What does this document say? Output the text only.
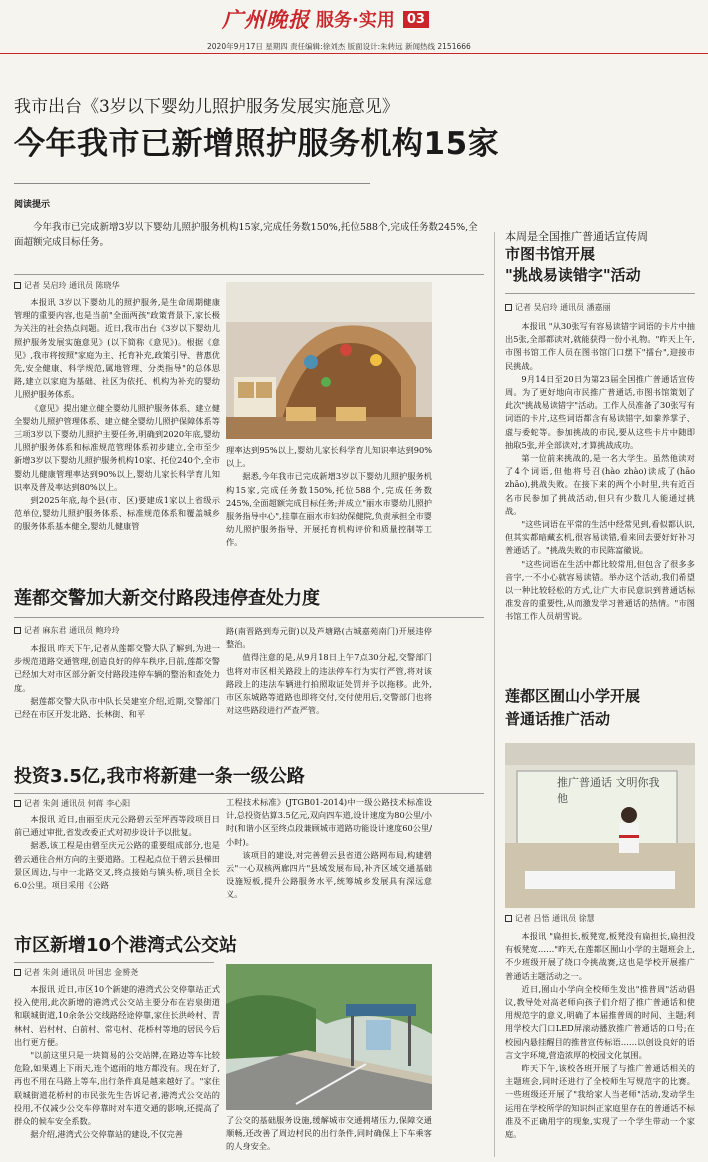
广州晚报 服务·实用 03
2020年9月17日 星期四 责任编辑:徐刘杰 版面设计:朱转远 新闻热线 2151666
我市出台《3岁以下婴幼儿照护服务发展实施意见》
今年我市已新增照护服务机构15家
阅读提示
今年我市已完成新增3岁以下婴幼儿照护服务机构15家,完成任务数150%,托位588个,完成任务数245%,全面超额完成目标任务。
记者 吴启玲 通讯员 陈晓华

本报讯 3岁以下婴幼儿的照护服务,是生命周期健康管理的重要内容,也是当前"全面两孩"政策背景下,家长极为关注的社会热点问题。近日,我市出台《3岁以下婴幼儿照护服务发展实施意见》(以下简称《意见》)。根据《意见》,我市将按照"家庭为主、托育补充,政策引导、普惠优先,安全健康、科学规范,属地管理、分类指导"的总体思路,建立以家庭为基础、社区为依托、机构为补充的婴幼儿照护服务体系。

《意见》提出建立健全婴幼儿照护服务体系、建立健全婴幼儿照护管理体系、建立健全婴幼儿照护保障体系等三项3岁以下婴幼儿照护主要任务,明确到2020年底,婴幼儿照护服务体系和标准规范管理体系初步建立,全市至少新增3岁以下婴幼儿照护服务机构10家、托位240个,全市婴幼儿健康管理率达到90%以上,婴幼儿家长科学育儿知识率及普及率达到80%以上。

到2025年底,每个县(市、区)要建成1家以上省级示范单位,婴幼儿照护服务体系、标准规范体系和覆盖城乡的服务体系基本健全,婴幼儿健康管

理率达到95%以上,婴幼儿家长科学育儿知识率达到90%以上。

据悉,今年我市已完成新增3岁以下婴幼儿照护服务机构15家,完成任务数150%,托位588个,完成任务数245%,全面超额完成目标任务;并成立"丽水市婴幼儿照护服务指导中心",挂靠在丽水市妇幼保健院,负责承担全市婴幼儿照护服务指导、开展托育机构评价和质量控制等工作。

莲都交警加大新交付路段违停查处力度
记者 麻东君 通讯员 鲍玲玲

本报讯 昨天下午,记者从莲都交警大队了解到,为进一步规范道路交通管理,创造良好的停车秩序,目前,莲都交警已经加大对市区部分新交付路段违停车辆的整治和查处力度。

据莲都交警大队市中队长吴建室介绍,近期,交警部门已经在市区开发北路、长林街、和平

路(南晋路到寿元街)以及芦塘路(古城嘉苑南门)开展违停整治。

值得注意的是,从9月18日上午7点30分起,交警部门也将对市区相关路段上的违法停车行为实行严管,将对该路段上的违法车辆进行拍照取证处罚并予以拖移。此外,市区东城路等道路也即将交付,交付使用后,交警部门也将对这些路段进行严查严管。

投资3.5亿,我市将新建一条一级公路
记者 朱剑 通讯员 何蒋 李心阳

本报讯 近日,由丽至庆元公路碧云至坪西等段项目日前已通过审批,省发改委正式对初步设计予以批复。

据悉,该工程是由碧至庆元公路的重要组成部分,也是碧云通往合州方向的主要道路。工程起点位于碧云县梯田景区周边,与中一北路交叉,终点接始与镇头桥,项目全长6.0公里。项目采用《公路

工程技术标准》(JTGB01-2014)中一级公路技术标准设计,总投资估算3.5亿元,双向四车道,设计速度为80公里/小时(和谐小区至终点段兼顾城市道路功能设计速度60公里/小时)。

该项目的建设,对完善碧云县省道公路网布局,构建碧云"一心双核两廊四片"县域发展布局,补齐区域交通基础设施短板,提升公路服务水平,统筹城乡发展具有深远意义。

市区新增10个港湾式公交站
记者 朱剑 通讯员 叶国忠 金赟尧

本报讯 近日,市区10个新建的港湾式公交停靠站正式投入使用,此次新增的港湾式公交站主要分布在岩泉街道和联城街道,10余条公交线路经途停靠,家住长洪岭村、青林村、岩村村、白前村、常屯村、花桥村等地的居民今后出行更方便。

"以前这里只是一块简易的公交站牌,在路边等车比较危险,如果遇上下雨天,连个遮雨的地方都没有。现在好了,再也不用在马路上等车,出行条件真是越来越好了。"家住联城街道花桥村的市民张先生告诉记者,港湾式公交站的投用,不仅减少公交车停靠时对车道交通的影响,还提高了群众的候车安全系数。

据介绍,港湾式公交停靠站的建设,不仅完善

了公交的基础服务设施,缓解城市交通拥堵压力,保障交通顺畅,还改善了周边村民的出行条件,同时确保上下车乘客的人身安全。

本周是全国推广普通话宣传周
市图书馆开展
"挑战易读错字"活动
记者 吴启玲 通讯员 潘嘉丽

本报讯 "从30张写有容易读错字词语的卡片中抽出5张,全部都读对,就能获得一份小礼物。"昨天上午,市图书馆工作人员在图书馆门口摆下"擂台",迎接市民挑战。

9月14日至20日为第23届全国推广普通话宣传周。为了更好地向市民推广普通话,市图书馆策划了此次"挑战易读错字"活动。工作人员准备了30张写有词语的卡片,这些词语都含有易读错字,如豢养掌子、虚与委蛇等。参加挑战的市民,要从这些卡片中随即抽取5张,并全部读对,才算挑战成功。

第一位前来挑战的,是一名大学生。虽然他读对了4个词语,但他将号召(hào zhào)读成了(hāo zhāo),挑战失败。在接下来的两个小时里,共有近百名市民参加了挑战活动,但只有少数几人能通过挑战。

"这些词语在平常的生活中经常见到,看似都认识,但其实都暗藏玄机,很容易读错,看来回去要好好补习普通话了。"挑战失败的市民陈富徽说。

"这些词语在生活中都比较常用,但包含了很多多音字,一不小心就容易读错。举办这个活动,我们希望以一种比较轻松的方式,让广大市民意识到普通话标准发音的重要性,从而激发学习普通话的热情。"市图书馆工作人员胡雪说。

莲都区囿山小学开展
普通话推广活动
推广普通话 文明你我他
记者 吕悟 通讯员 徐慧

本报讯 "扁担长,板凳宽,板凳没有扁担长,扁担没有板凳宽……"昨天,在莲都区囿山小学的主题班会上,不少班级开展了绕口令挑战赛,这也是学校开展推广普通话主题活动之一。

近日,囿山小学向全校师生发出"推普周"活动倡议,教导处对高老师向孩子们介绍了推广普通话和使用规范字的意义,明确了本届推普周的时间、主题;利用学校大门口LED屏滚动播放推广普通话的口号;在校园内悬挂醒目的推普宣传标语……以创设良好的语言文字环境,营造浓厚的校园文化氛围。

昨天下午,该校各班开展了与推广普通话相关的主题班会,同时还进行了全校师生写规范字的比赛。一些班级还开展了"我给家人当老师"活动,发动学生运用在学校所学的知识纠正家庭里存在的普通话不标准及不正确用字的现象,实现了一个学生带动一个家庭。
